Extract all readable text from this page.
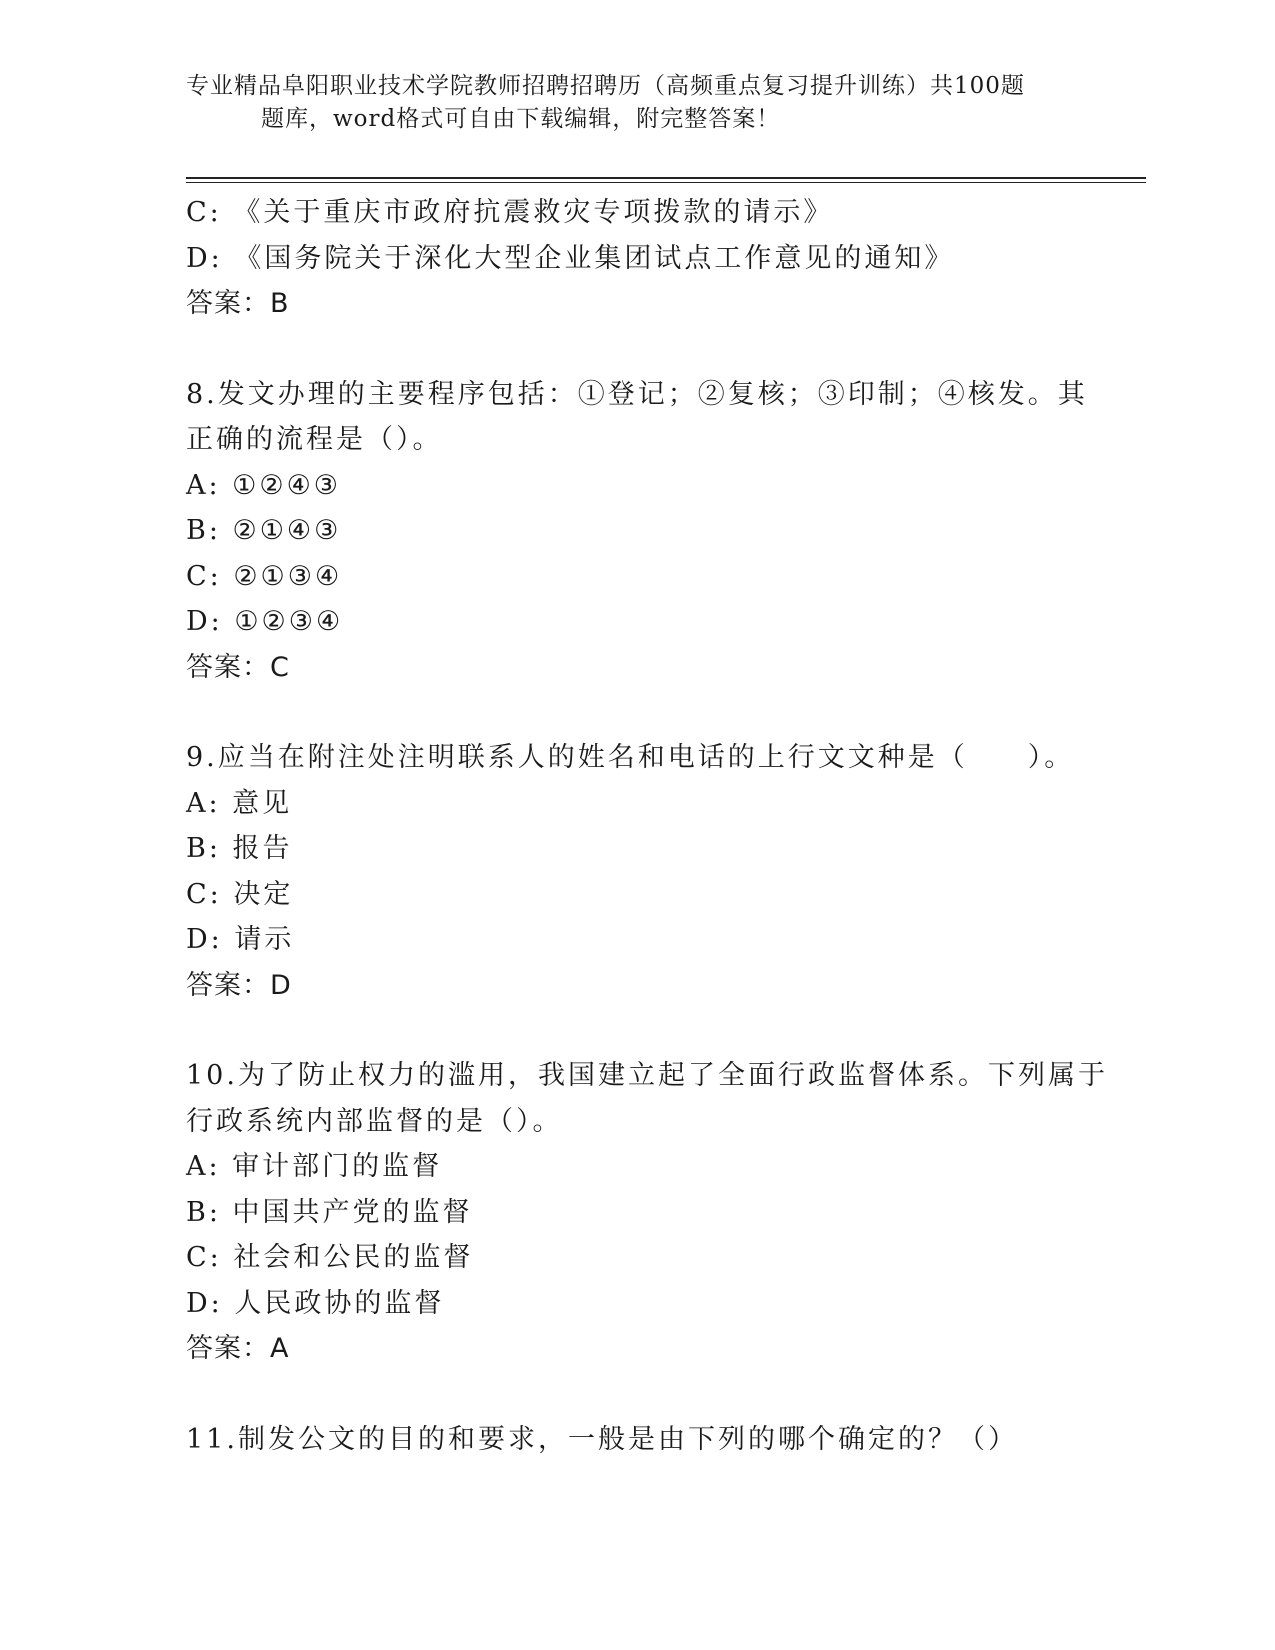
专业精品阜阳职业技术学院教师招聘招聘历（高频重点复习提升训练）共100题
题库，word格式可自由下载编辑，附完整答案！
C: 《关于重庆市政府抗震救灾专项拨款的请示》
D: 《国务院关于深化大型企业集团试点工作意见的通知》
答案：B
8.发文办理的主要程序包括：①登记；②复核；③印制；④核发。其
正确的流程是（）。
A: ①②④③
B: ②①④③
C: ②①③④
D: ①②③④
答案：C
9.应当在附注处注明联系人的姓名和电话的上行文文种是（　　）。
A: 意见
B: 报告
C: 决定
D: 请示
答案：D
10.为了防止权力的滥用，我国建立起了全面行政监督体系。下列属于
行政系统内部监督的是（）。
A: 审计部门的监督
B: 中国共产党的监督
C: 社会和公民的监督
D: 人民政协的监督
答案：A
11.制发公文的目的和要求，一般是由下列的哪个确定的？（）
